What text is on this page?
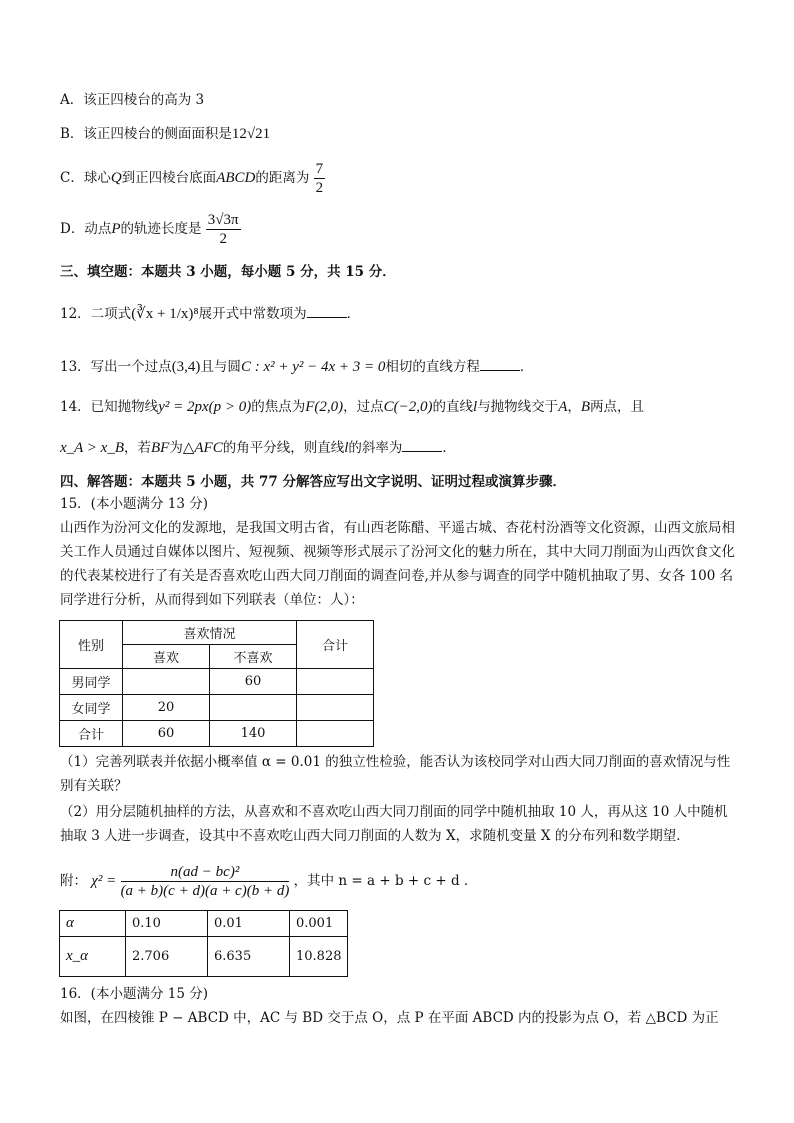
A．该正四棱台的高为 3
B．该正四棱台的侧面面积是12√21
C．球心Q到正四棱台底面ABCD的距离为 $\frac{7}{2}$
D．动点P的轨迹长度是 $\frac{3√3\pi}{2}$
三、填空题：本题共 3 小题，每小题 5 分，共 15 分．
12．二项式(∛x + 1/x)⁸展开式中常数项为	．
13．写出一个过点(3,4)且与圆C : x² + y² − 4x + 3 = 0相切的直线方程	．
14．已知抛物线y² = 2px(p > 0)的焦点为F(2,0)，过点C(−2,0)的直线l与抛物线交于A，B两点，且
x_A > x_B，若BF为△AFC的角平分线，则直线l的斜率为	．
四、解答题：本题共 5 小题，共 77 分解答应写出文字说明、证明过程或演算步骤．
15．(本小题满分 13 分)
山西作为汾河文化的发源地，是我国文明古省，有山西老陈醋、平遥古城、杏花村汾酒等文化资源，山西文旅局相关工作人员通过自媒体以图片、短视频、视频等形式展示了汾河文化的魅力所在，其中大同刀削面为山西饮食文化的代表某校进行了有关是否喜欢吃山西大同刀削面的调查问卷,并从参与调查的同学中随机抽取了男、女各 100 名同学进行分析，从而得到如下列联表（单位：人）：
性别	喜欢情况		合计
	喜欢	不喜欢	
男同学		60	
女同学	20		
合计	60	140	
（1）完善列联表并依据小概率值 α = 0.01 的独立性检验，能否认为该校同学对山西大同刀削面的喜欢情况与性别有关联？
（2）用分层随机抽样的方法，从喜欢和不喜欢吃山西大同刀削面的同学中随机抽取 10 人，再从这 10 人中随机抽取 3 人进一步调查，设其中不喜欢吃山西大同刀削面的人数为 X，求随机变量 X 的分布列和数学期望．
附： $\chi^2 = \frac{\text{n(ad − bc)²}}{(a + b)(c + d)(a + c)(b + d)}$ ，其中 n = a + b + c + d ．
α	0.10	0.01	0.001
x_α	2.706	6.635	10.828
16．(本小题满分 15 分)
如图，在四棱锥 P − ABCD 中，AC 与 BD 交于点 O，点 P 在平面 ABCD 内的投影为点 O，若 △BCD 为正
